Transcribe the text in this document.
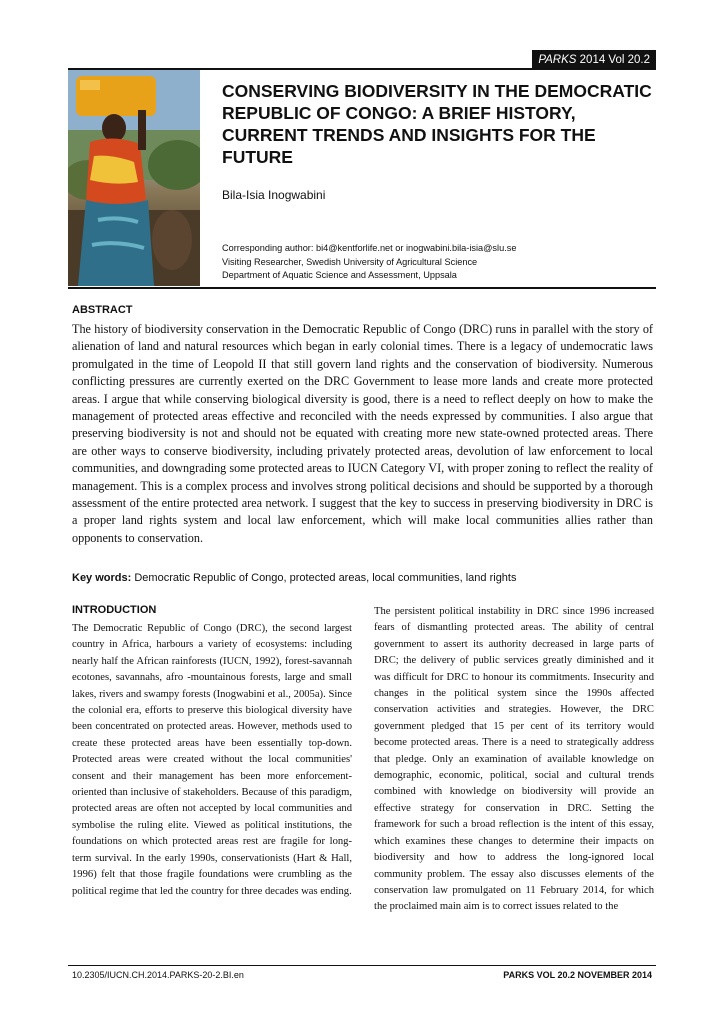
PARKS 2014 Vol 20.2
CONSERVING BIODIVERSITY IN THE DEMOCRATIC REPUBLIC OF CONGO: A BRIEF HISTORY, CURRENT TRENDS AND INSIGHTS FOR THE FUTURE
Bila-Isia Inogwabini
Corresponding author: bi4@kentforlife.net or inogwabini.bila-isia@slu.se
Visiting Researcher, Swedish University of Agricultural Science
Department of Aquatic Science and Assessment, Uppsala
ABSTRACT

The history of biodiversity conservation in the Democratic Republic of Congo (DRC) runs in parallel with the story of alienation of land and natural resources which began in early colonial times. There is a legacy of undemocratic laws promulgated in the time of Leopold II that still govern land rights and the conservation of biodiversity. Numerous conflicting pressures are currently exerted on the DRC Government to lease more lands and create more protected areas. I argue that while conserving biological diversity is good, there is a need to reflect deeply on how to make the management of protected areas effective and reconciled with the needs expressed by communities. I also argue that preserving biodiversity is not and should not be equated with creating more new state-owned protected areas. There are other ways to conserve biodiversity, including privately protected areas, devolution of law enforcement to local communities, and downgrading some protected areas to IUCN Category VI, with proper zoning to reflect the reality of management. This is a complex process and involves strong political decisions and should be supported by a thorough assessment of the entire protected area network. I suggest that the key to success in preserving biodiversity in DRC is a proper land rights system and local law enforcement, which will make local communities allies rather than opponents to conservation.

Key words: Democratic Republic of Congo, protected areas, local communities, land rights
INTRODUCTION

The Democratic Republic of Congo (DRC), the second largest country in Africa, harbours a variety of ecosystems: including nearly half the African rainforests (IUCN, 1992), forest-savannah ecotones, savannahs, afro -mountainous forests, large and small lakes, rivers and swampy forests (Inogwabini et al., 2005a). Since the colonial era, efforts to preserve this biological diversity have been concentrated on protected areas. However, methods used to create these protected areas have been essentially top-down. Protected areas were created without the local communities' consent and their management has been more enforcement-oriented than inclusive of stakeholders. Because of this paradigm, protected areas are often not accepted by local communities and symbolise the ruling elite. Viewed as political institutions, the foundations on which protected areas rest are fragile for long-term survival. In the early 1990s, conservationists (Hart & Hall, 1996) felt that those fragile foundations were crumbling as the political regime that led the country for three decades was ending.

The persistent political instability in DRC since 1996 increased fears of dismantling protected areas. The ability of central government to assert its authority decreased in large parts of DRC; the delivery of public services greatly diminished and it was difficult for DRC to honour its commitments. Insecurity and changes in the political system since the 1990s affected conservation activities and strategies. However, the DRC government pledged that 15 per cent of its territory would become protected areas. There is a need to strategically address that pledge. Only an examination of available knowledge on demographic, economic, political, social and cultural trends combined with knowledge on biodiversity will provide an effective strategy for conservation in DRC. Setting the framework for such a broad reflection is the intent of this essay, which examines these changes to determine their impacts on biodiversity and how to address the long-ignored local community problem. The essay also discusses elements of the conservation law promulgated on 11 February 2014, for which the proclaimed main aim is to correct issues related to the

10.2305/IUCN.CH.2014.PARKS-20-2.BI.en	PARKS VOL 20.2 NOVEMBER 2014
